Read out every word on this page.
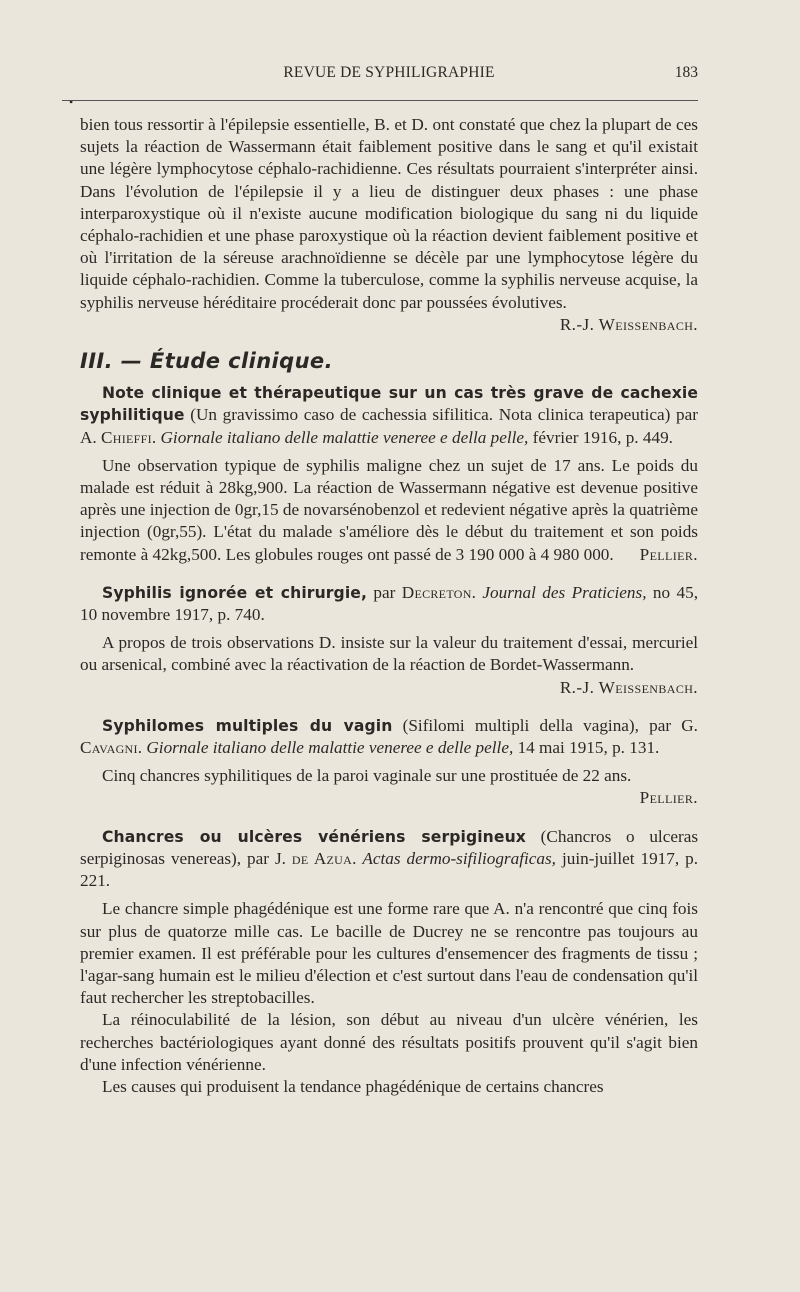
REVUE DE SYPHILIGRAPHIE	183
•

bien tous ressortir à l'épilepsie essentielle, B. et D. ont constaté que chez la plupart de ces sujets la réaction de Wassermann était faiblement positive dans le sang et qu'il existait une légère lymphocytose céphalo-rachidienne. Ces résultats pourraient s'interpréter ainsi. Dans l'évolution de l'épilepsie il y a lieu de distinguer deux phases : une phase interparoxystique où il n'existe aucune modification biologique du sang ni du liquide céphalo-rachidien et une phase paroxystique où la réaction devient faiblement positive et où l'irritation de la séreuse arachnoïdienne se décèle par une lymphocytose légère du liquide céphalo-rachidien. Comme la tuberculose, comme la syphilis nerveuse acquise, la syphilis nerveuse héréditaire procéderait donc par poussées évolutives.
R.-J. Weissenbach.

III. — Étude clinique.

Note clinique et thérapeutique sur un cas très grave de cachexie syphilitique (Un gravissimo caso de cachessia sifilitica. Nota clinica terapeutica) par A. Chieffi. Giornale italiano delle malattie veneree e della pelle, février 1916, p. 449.

Une observation typique de syphilis maligne chez un sujet de 17 ans. Le poids du malade est réduit à 28kg,900. La réaction de Wassermann négative est devenue positive après une injection de 0gr,15 de novarsénobenzol et redevient négative après la quatrième injection (0gr,55). L'état du malade s'améliore dès le début du traitement et son poids remonte à 42kg,500. Les globules rouges ont passé de 3 190 000 à 4 980 000.	Pellier.

Syphilis ignorée et chirurgie, par Decreton. Journal des Praticiens, no 45, 10 novembre 1917, p. 740.

A propos de trois observations D. insiste sur la valeur du traitement d'essai, mercuriel ou arsenical, combiné avec la réactivation de la réaction de Bordet-Wassermann.
R.-J. Weissenbach.

Syphilomes multiples du vagin (Sifilomi multipli della vagina), par G. Cavagni. Giornale italiano delle malattie veneree e delle pelle, 14 mai 1915, p. 131.

Cinq chancres syphilitiques de la paroi vaginale sur une prostituée de 22 ans.
Pellier.

Chancres ou ulcères vénériens serpigineux (Chancros o ulceras serpiginosas venereas), par J. de Azua. Actas dermo-sifiliograficas, juin-juillet 1917, p. 221.

Le chancre simple phagédénique est une forme rare que A. n'a rencontré que cinq fois sur plus de quatorze mille cas. Le bacille de Ducrey ne se rencontre pas toujours au premier examen. Il est préférable pour les cultures d'ensemencer des fragments de tissu ; l'agar-sang humain est le milieu d'élection et c'est surtout dans l'eau de condensation qu'il faut rechercher les streptobacilles.

La réinoculabilité de la lésion, son début au niveau d'un ulcère vénérien, les recherches bactériologiques ayant donné des résultats positifs prouvent qu'il s'agit bien d'une infection vénérienne.

Les causes qui produisent la tendance phagédénique de certains chancres
